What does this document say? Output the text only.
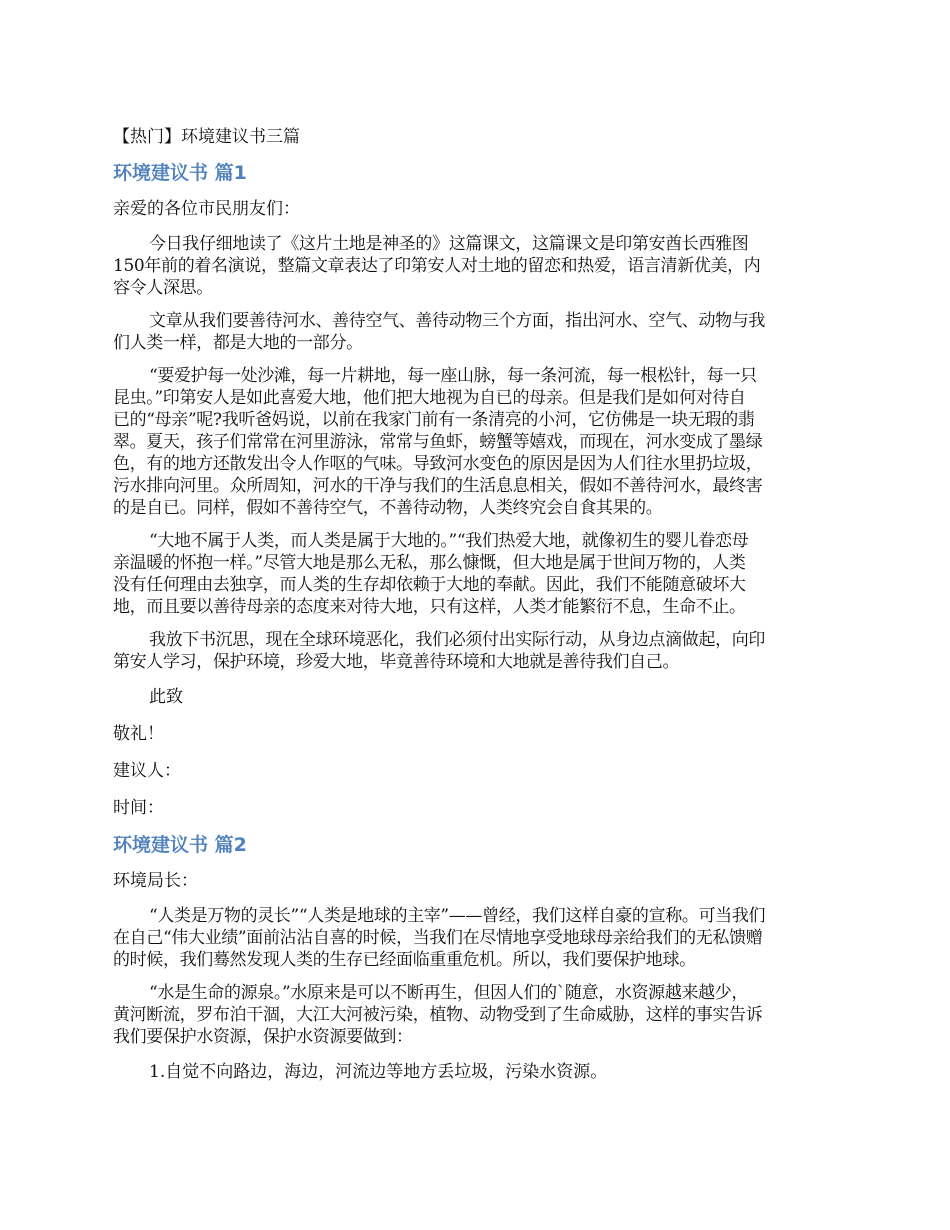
【热门】环境建议书三篇
环境建议书 篇1
亲爱的各位市民朋友们：
今日我仔细地读了《这片土地是神圣的》这篇课文，这篇课文是印第安酋长西雅图
150年前的着名演说，整篇文章表达了印第安人对土地的留恋和热爱，语言清新优美，内
容令人深思。
文章从我们要善待河水、善待空气、善待动物三个方面，指出河水、空气、动物与我
们人类一样，都是大地的一部分。
“要爱护每一处沙滩，每一片耕地，每一座山脉，每一条河流，每一根松针，每一只
昆虫。”印第安人是如此喜爱大地，他们把大地视为自已的母亲。但是我们是如何对待自
已的“母亲”呢?我听爸妈说，以前在我家门前有一条清亮的小河，它仿佛是一块无瑕的翡
翠。夏天，孩子们常常在河里游泳，常常与鱼虾，螃蟹等嬉戏，而现在，河水变成了墨绿
色，有的地方还散发出令人作呕的气味。导致河水变色的原因是因为人们往水里扔垃圾，
污水排向河里。众所周知，河水的干净与我们的生活息息相关，假如不善待河水，最终害
的是自已。同样，假如不善待空气，不善待动物，人类终究会自食其果的。
“大地不属于人类，而人类是属于大地的。”“我们热爱大地，就像初生的婴儿眷恋母
亲温暖的怀抱一样。”尽管大地是那么无私，那么慷慨，但大地是属于世间万物的，人类
没有任何理由去独享，而人类的生存却依赖于大地的奉献。因此，我们不能随意破坏大
地，而且要以善待母亲的态度来对待大地，只有这样，人类才能繁衍不息，生命不止。
我放下书沉思，现在全球环境恶化，我们必须付出实际行动，从身边点滴做起，向印
第安人学习，保护环境，珍爱大地，毕竟善待环境和大地就是善待我们自己。
此致
敬礼！
建议人：
时间：
环境建议书 篇2
环境局长：
“人类是万物的灵长”“人类是地球的主宰”——曾经，我们这样自豪的宣称。可当我们
在自己“伟大业绩”面前沾沾自喜的时候，当我们在尽情地享受地球母亲给我们的无私馈赠
的时候，我们蓦然发现人类的生存已经面临重重危机。所以，我们要保护地球。
“水是生命的源泉。”水原来是可以不断再生，但因人们的`随意，水资源越来越少，
黄河断流，罗布泊干涸，大江大河被污染，植物、动物受到了生命威胁，这样的事实告诉
我们要保护水资源，保护水资源要做到：
1.自觉不向路边，海边，河流边等地方丢垃圾，污染水资源。
